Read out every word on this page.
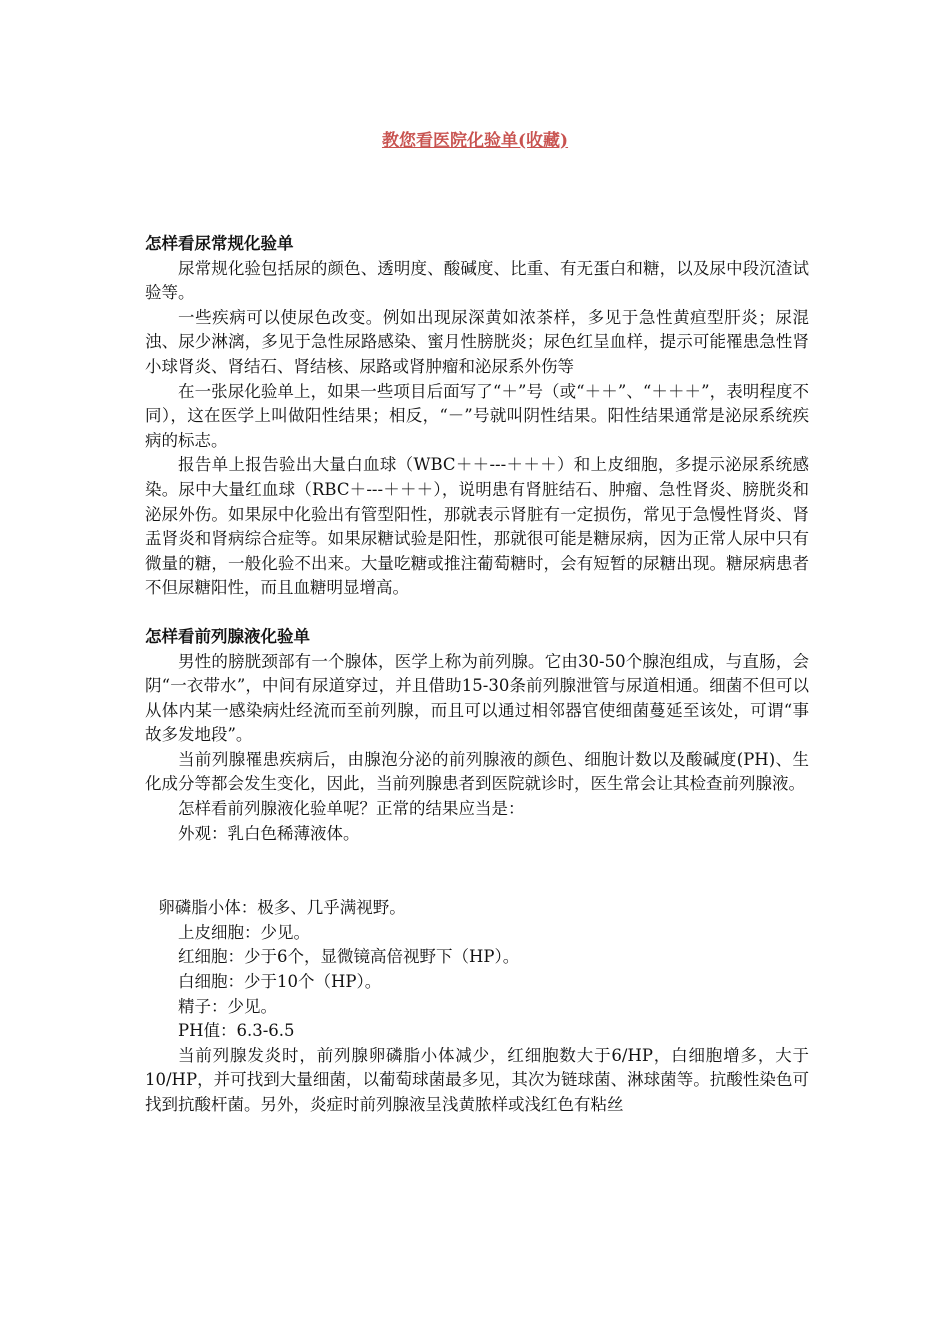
教您看医院化验单(收藏)

怎样看尿常规化验单

尿常规化验包括尿的颜色、透明度、酸碱度、比重、有无蛋白和糖，以及尿中段沉渣试验等。

一些疾病可以使尿色改变。例如出现尿深黄如浓茶样，多见于急性黄疸型肝炎；尿混浊、尿少淋漓，多见于急性尿路感染、蜜月性膀胱炎；尿色红呈血样，提示可能罹患急性肾小球肾炎、肾结石、肾结核、尿路或肾肿瘤和泌尿系外伤等

在一张尿化验单上，如果一些项目后面写了“＋”号（或“＋＋”、“＋＋＋”，表明程度不同），这在医学上叫做阳性结果；相反，“－”号就叫阴性结果。阳性结果通常是泌尿系统疾病的标志。

报告单上报告验出大量白血球（WBC＋＋---＋＋＋）和上皮细胞，多提示泌尿系统感染。尿中大量红血球（RBC＋---＋＋＋），说明患有肾脏结石、肿瘤、急性肾炎、膀胱炎和泌尿外伤。如果尿中化验出有管型阳性，那就表示肾脏有一定损伤，常见于急慢性肾炎、肾盂肾炎和肾病综合症等。如果尿糖试验是阳性，那就很可能是糖尿病，因为正常人尿中只有微量的糖，一般化验不出来。大量吃糖或推注葡萄糖时，会有短暂的尿糖出现。糖尿病患者不但尿糖阳性，而且血糖明显增高。

怎样看前列腺液化验单

男性的膀胱颈部有一个腺体，医学上称为前列腺。它由30-50个腺泡组成，与直肠，会阴“一衣带水”，中间有尿道穿过，并且借助15-30条前列腺泄管与尿道相通。细菌不但可以从体内某一感染病灶经流而至前列腺，而且可以通过相邻器官使细菌蔓延至该处，可谓“事故多发地段”。

当前列腺罹患疾病后，由腺泡分泌的前列腺液的颜色、细胞计数以及酸碱度(PH)、生化成分等都会发生变化，因此，当前列腺患者到医院就诊时，医生常会让其检查前列腺液。

怎样看前列腺液化验单呢？正常的结果应当是：

外观：乳白色稀薄液体。

卵磷脂小体：极多、几乎满视野。

上皮细胞：少见。

红细胞：少于6个，显微镜高倍视野下（HP）。

白细胞：少于10个（HP）。

精子：少见。

PH值：6.3-6.5

当前列腺发炎时，前列腺卵磷脂小体减少，红细胞数大于6/HP，白细胞增多，大于10/HP，并可找到大量细菌，以葡萄球菌最多见，其次为链球菌、淋球菌等。抗酸性染色可找到抗酸杆菌。另外，炎症时前列腺液呈浅黄脓样或浅红色有粘丝
